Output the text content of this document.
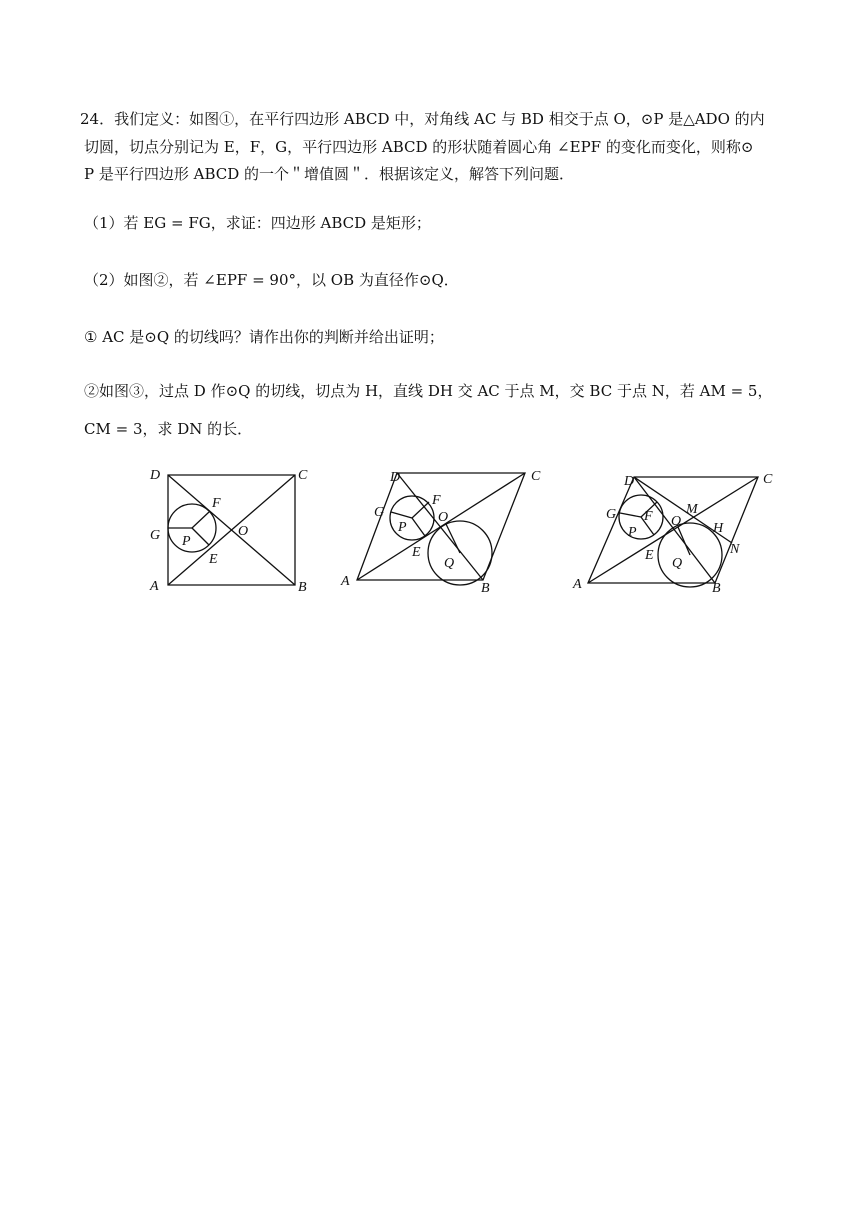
24．我们定义：如图①，在平行四边形 ABCD 中，对角线 AC 与 BD 相交于点 O，⊙P 是△ADO 的内
切圆，切点分别记为 E，F，G，平行四边形 ABCD 的形状随着圆心角 ∠EPF 的变化而变化，则称⊙
P 是平行四边形 ABCD 的一个＂增值圆＂．根据该定义，解答下列问题．
（1）若 EG = FG，求证：四边形 ABCD 是矩形；
（2）如图②，若 ∠EPF = 90°，以 OB 为直径作⊙Q．
① AC 是⊙Q 的切线吗？请作出你的判断并给出证明；
②如图③，过点 D 作⊙Q 的切线，切点为 H，直线 DH 交 AC 于点 M，交 BC 于点 N，若 AM = 5，
CM = 3，求 DN 的长．
D	C
A	B
O
P
F
E
G
D	C
A	B
O
P
F
E
G
Q
D	C
A	B
O
P
F
E
G
Q
M
H
N
